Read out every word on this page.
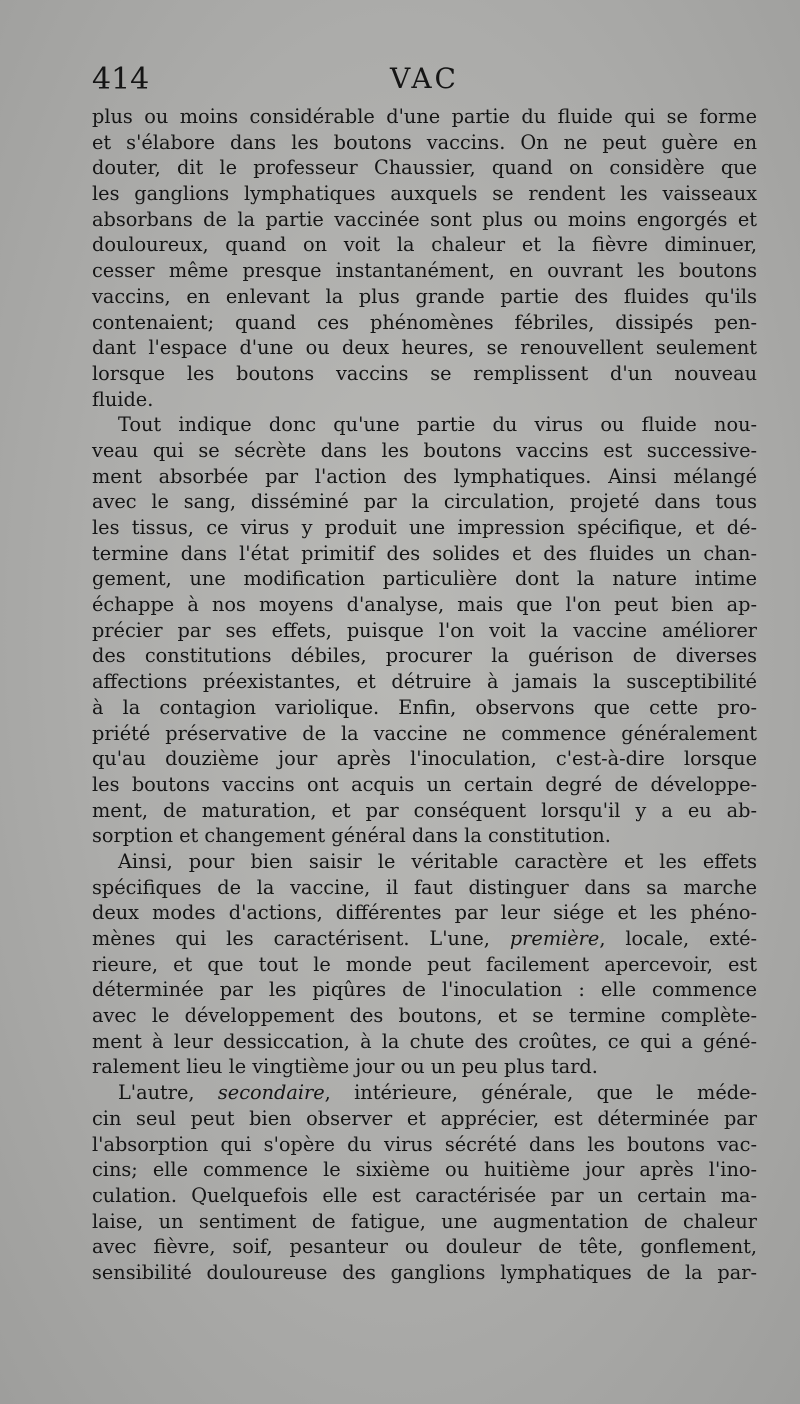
414	VAC
plus ou moins considérable d'une partie du fluide qui se forme
et s'élabore dans les boutons vaccins. On ne peut guère en
douter, dit le professeur Chaussier, quand on considère que
les ganglions lymphatiques auxquels se rendent les vaisseaux
absorbans de la partie vaccinée sont plus ou moins engorgés et
douloureux, quand on voit la chaleur et la fièvre diminuer,
cesser même presque instantanément, en ouvrant les boutons
vaccins, en enlevant la plus grande partie des fluides qu'ils
contenaient; quand ces phénomènes fébriles, dissipés pen-
dant l'espace d'une ou deux heures, se renouvellent seulement
lorsque les boutons vaccins se remplissent d'un nouveau
fluide.
Tout indique donc qu'une partie du virus ou fluide nou-
veau qui se sécrète dans les boutons vaccins est successive-
ment absorbée par l'action des lymphatiques. Ainsi mélangé
avec le sang, disséminé par la circulation, projeté dans tous
les tissus, ce virus y produit une impression spécifique, et dé-
termine dans l'état primitif des solides et des fluides un chan-
gement, une modification particulière dont la nature intime
échappe à nos moyens d'analyse, mais que l'on peut bien ap-
précier par ses effets, puisque l'on voit la vaccine améliorer
des constitutions débiles, procurer la guérison de diverses
affections préexistantes, et détruire à jamais la susceptibilité
à la contagion variolique. Enfin, observons que cette pro-
priété préservative de la vaccine ne commence généralement
qu'au douzième jour après l'inoculation, c'est-à-dire lorsque
les boutons vaccins ont acquis un certain degré de développe-
ment, de maturation, et par conséquent lorsqu'il y a eu ab-
sorption et changement général dans la constitution.
Ainsi, pour bien saisir le véritable caractère et les effets
spécifiques de la vaccine, il faut distinguer dans sa marche
deux modes d'actions, différentes par leur siége et les phéno-
mènes qui les caractérisent. L'une, première, locale, exté-
rieure, et que tout le monde peut facilement apercevoir, est
déterminée par les piqûres de l'inoculation : elle commence
avec le développement des boutons, et se termine complète-
ment à leur dessiccation, à la chute des croûtes, ce qui a géné-
ralement lieu le vingtième jour ou un peu plus tard.
L'autre, secondaire, intérieure, générale, que le méde-
cin seul peut bien observer et apprécier, est déterminée par
l'absorption qui s'opère du virus sécrété dans les boutons vac-
cins; elle commence le sixième ou huitième jour après l'ino-
culation. Quelquefois elle est caractérisée par un certain ma-
laise, un sentiment de fatigue, une augmentation de chaleur
avec fièvre, soif, pesanteur ou douleur de tête, gonflement,
sensibilité douloureuse des ganglions lymphatiques de la par-
